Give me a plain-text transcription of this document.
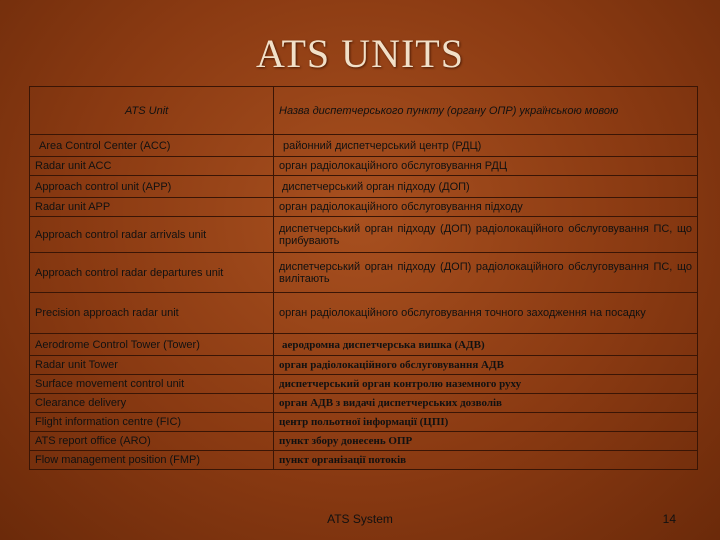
ATS UNITS
ATS Unit	Назва диспетчерського пункту (органу ОПР) українською мовою
Area Control Center (ACC)	районний диспетчерський центр (РДЦ)
Radar unit ACC	орган радіолокаційного обслуговування РДЦ
Approach control unit (APP)	диспетчерський орган підходу (ДОП)
Radar unit APP	орган радіолокаційного обслуговування підходу
Approach control radar arrivals unit	диспетчерський орган підходу (ДОП) радіолокаційного обслуговування ПС, що прибувають
Approach control radar departures unit	диспетчерський орган підходу (ДОП) радіолокаційного обслуговування ПС, що вилітають
Precision approach radar unit	орган радіолокаційного обслуговування точного заходження на посадку
Aerodrome Control Tower (Tower)	аеродромна диспетчерська вишка (АДВ)
Radar unit Tower	орган радіолокаційного обслуговування АДВ
Surface movement control unit	диспетчерський орган контролю наземного руху
Clearance delivery	орган АДВ з видачі диспетчерських дозволів
Flight information centre (FIC)	центр польотної інформації (ЦПІ)
ATS report office (ARO)	пункт збору донесень ОПР
Flow management position (FMP)	пункт організації потоків
ATS System	14
